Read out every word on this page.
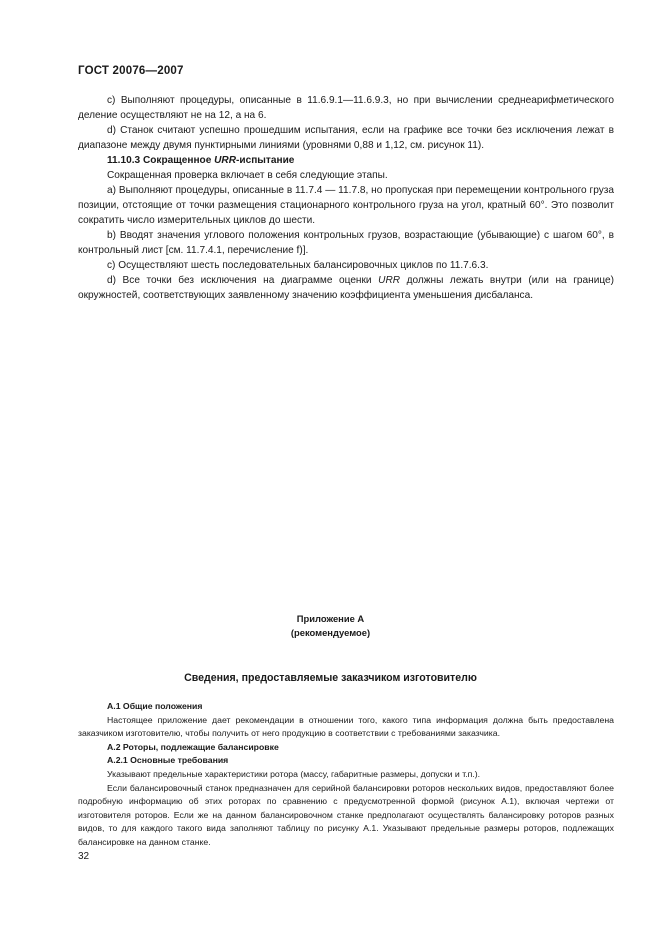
ГОСТ 20076—2007

с) Выполняют процедуры, описанные в 11.6.9.1—11.6.9.3, но при вычислении среднеарифметического деление осуществляют не на 12, а на 6.

d) Станок считают успешно прошедшим испытания, если на графике все точки без исключения лежат в диапазоне между двумя пунктирными линиями (уровнями 0,88 и 1,12, см. рисунок 11).

11.10.3 Сокращенное URR-испытание

Сокращенная проверка включает в себя следующие этапы.

а) Выполняют процедуры, описанные в 11.7.4 — 11.7.8, но пропуская при перемещении контрольного груза позиции, отстоящие от точки размещения стационарного контрольного груза на угол, кратный 60°. Это позволит сократить число измерительных циклов до шести.

b) Вводят значения углового положения контрольных грузов, возрастающие (убывающие) с шагом 60°, в контрольный лист [см. 11.7.4.1, перечисление f)].

с) Осуществляют шесть последовательных балансировочных циклов по 11.7.6.3.

d) Все точки без исключения на диаграмме оценки URR должны лежать внутри (или на границе) окружностей, соответствующих заявленному значению коэффициента уменьшения дисбаланса.

Приложение А
(рекомендуемое)
Сведения, предоставляемые заказчиком изготовителю

А.1 Общие положения

Настоящее приложение дает рекомендации в отношении того, какого типа информация должна быть предоставлена заказчиком изготовителю, чтобы получить от него продукцию в соответствии с требованиями заказчика.

А.2 Роторы, подлежащие балансировке

А.2.1 Основные требования

Указывают предельные характеристики ротора (массу, габаритные размеры, допуски и т.п.).

Если балансировочный станок предназначен для серийной балансировки роторов нескольких видов, предоставляют более подробную информацию об этих роторах по сравнению с предусмотренной формой (рисунок А.1), включая чертежи от изготовителя роторов. Если же на данном балансировочном станке предполагают осуществлять балансировку роторов разных видов, то для каждого такого вида заполняют таблицу по рисунку А.1. Указывают предельные размеры роторов, подлежащих балансировке на данном станке.

32
